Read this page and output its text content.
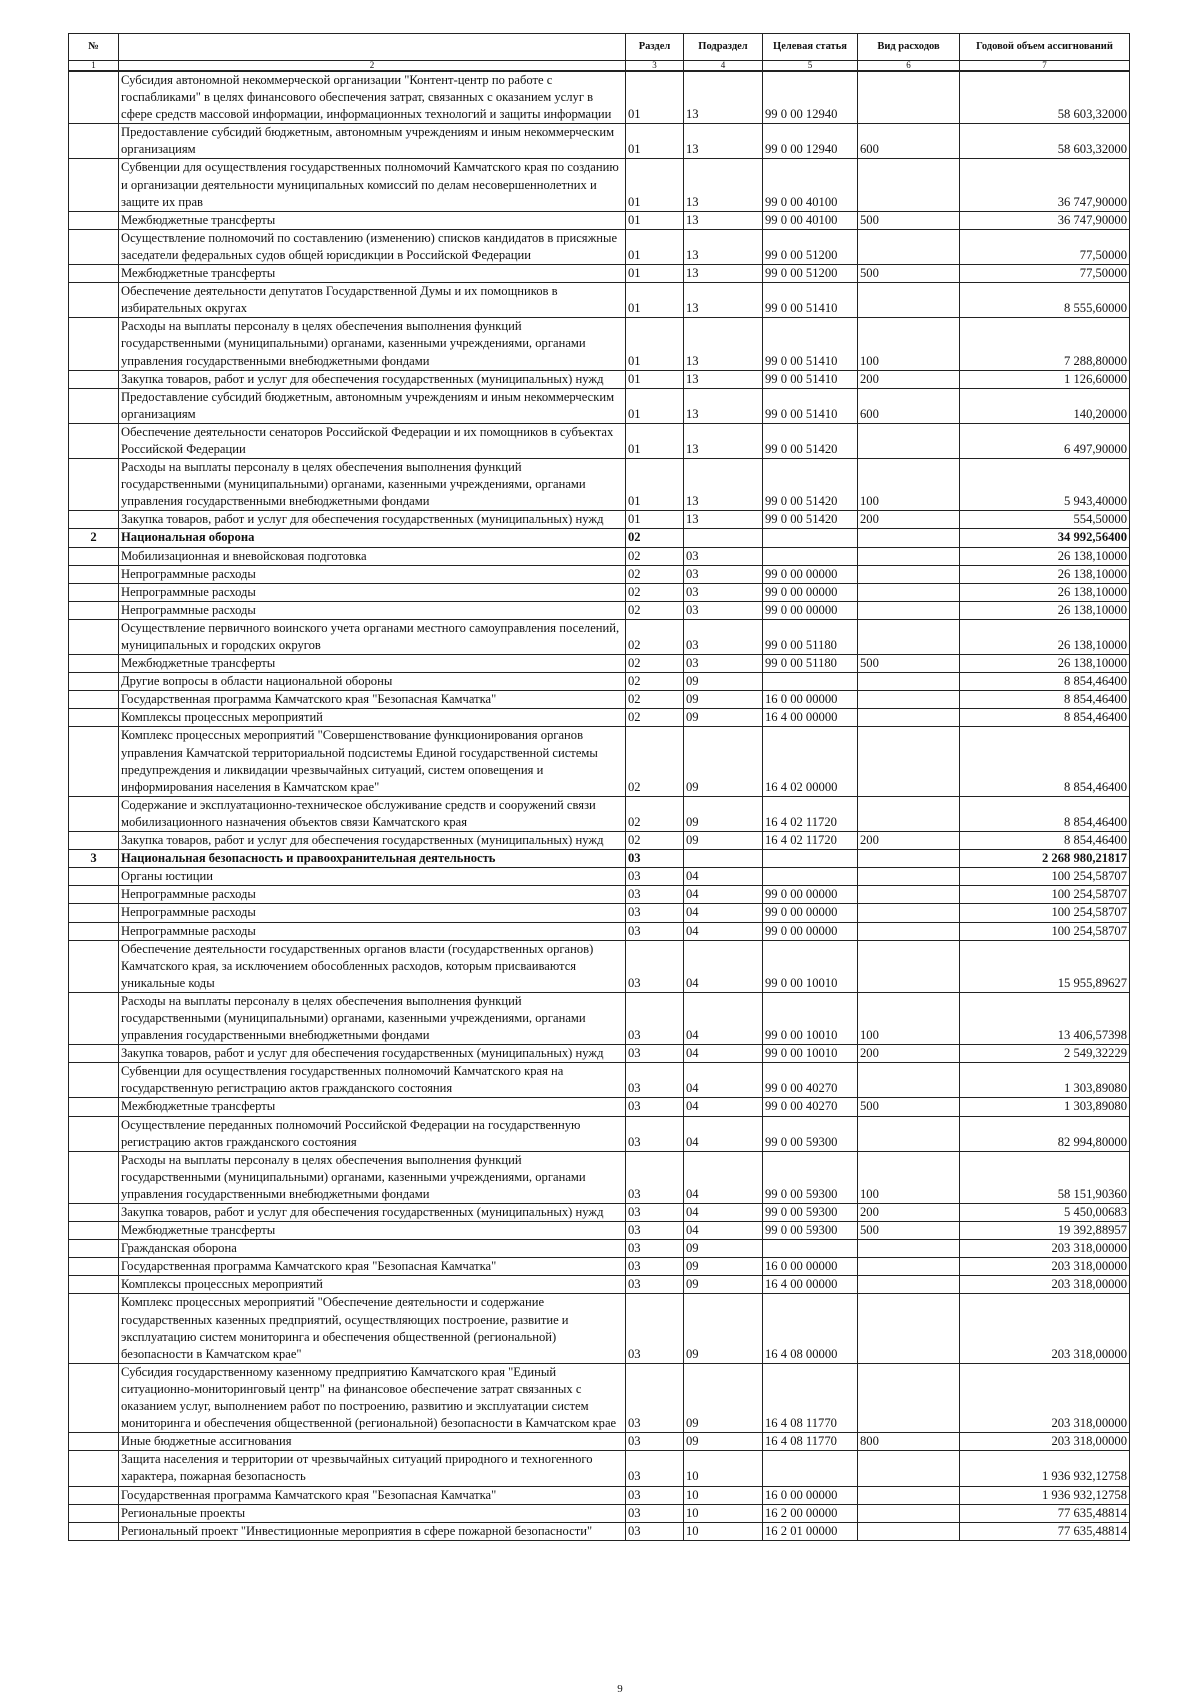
№		Раздел	Подраздел	Целевая статья	Вид расходов	Годовой объем ассигнований
1	2	3	4	5	6	7
	Субсидия автономной некоммерческой организации "Контент-центр по работе с госпабликами" в целях финансового обеспечения затрат, связанных с оказанием услуг в сфере средств массовой информации, информационных технологий и защиты информации	01	13	99 0 00 12940		58 603,32000
	Предоставление субсидий бюджетным, автономным учреждениям и иным некоммерческим организациям	01	13	99 0 00 12940	600	58 603,32000
	Субвенции для осуществления государственных полномочий Камчатского края по созданию и организации деятельности муниципальных комиссий по делам несовершеннолетних и защите их прав	01	13	99 0 00 40100		36 747,90000
	Межбюджетные трансферты	01	13	99 0 00 40100	500	36 747,90000
	Осуществление полномочий по составлению (изменению) списков кандидатов в присяжные заседатели федеральных судов общей юрисдикции в Российской Федерации	01	13	99 0 00 51200		77,50000
	Межбюджетные трансферты	01	13	99 0 00 51200	500	77,50000
	Обеспечение деятельности депутатов Государственной Думы и их помощников в избирательных округах	01	13	99 0 00 51410		8 555,60000
	Расходы на выплаты персоналу в целях обеспечения выполнения функций государственными (муниципальными) органами, казенными учреждениями, органами управления государственными внебюджетными фондами	01	13	99 0 00 51410	100	7 288,80000
	Закупка товаров, работ и услуг для обеспечения государственных (муниципальных) нужд	01	13	99 0 00 51410	200	1 126,60000
	Предоставление субсидий бюджетным, автономным учреждениям и иным некоммерческим организациям	01	13	99 0 00 51410	600	140,20000
	Обеспечение деятельности сенаторов Российской Федерации и их помощников в субъектах Российской Федерации	01	13	99 0 00 51420		6 497,90000
	Расходы на выплаты персоналу в целях обеспечения выполнения функций государственными (муниципальными) органами, казенными учреждениями, органами управления государственными внебюджетными фондами	01	13	99 0 00 51420	100	5 943,40000
	Закупка товаров, работ и услуг для обеспечения государственных (муниципальных) нужд	01	13	99 0 00 51420	200	554,50000
2	Национальная оборона	02				34 992,56400
	Мобилизационная и вневойсковая подготовка	02	03			26 138,10000
	Непрограммные расходы	02	03	99 0 00 00000		26 138,10000
	Непрограммные расходы	02	03	99 0 00 00000		26 138,10000
	Непрограммные расходы	02	03	99 0 00 00000		26 138,10000
	Осуществление первичного воинского учета органами местного самоуправления поселений, муниципальных и городских округов	02	03	99 0 00 51180		26 138,10000
	Межбюджетные трансферты	02	03	99 0 00 51180	500	26 138,10000
	Другие вопросы в области национальной обороны	02	09			8 854,46400
	Государственная программа Камчатского края "Безопасная Камчатка"	02	09	16 0 00 00000		8 854,46400
	Комплексы процессных мероприятий	02	09	16 4 00 00000		8 854,46400
	Комплекс процессных мероприятий "Совершенствование функционирования органов управления Камчатской территориальной подсистемы Единой государственной системы предупреждения и ликвидации чрезвычайных ситуаций, систем оповещения и информирования населения в Камчатском крае"	02	09	16 4 02 00000		8 854,46400
	Содержание и эксплуатационно-техническое обслуживание средств и сооружений связи мобилизационного назначения объектов связи Камчатского края	02	09	16 4 02 11720		8 854,46400
	Закупка товаров, работ и услуг для обеспечения государственных (муниципальных) нужд	02	09	16 4 02 11720	200	8 854,46400
3	Национальная безопасность и правоохранительная деятельность	03				2 268 980,21817
	Органы юстиции	03	04			100 254,58707
	Непрограммные расходы	03	04	99 0 00 00000		100 254,58707
	Непрограммные расходы	03	04	99 0 00 00000		100 254,58707
	Непрограммные расходы	03	04	99 0 00 00000		100 254,58707
	Обеспечение деятельности государственных органов власти (государственных органов) Камчатского края, за исключением обособленных расходов, которым присваиваются уникальные коды	03	04	99 0 00 10010		15 955,89627
	Расходы на выплаты персоналу в целях обеспечения выполнения функций государственными (муниципальными) органами, казенными учреждениями, органами управления государственными внебюджетными фондами	03	04	99 0 00 10010	100	13 406,57398
	Закупка товаров, работ и услуг для обеспечения государственных (муниципальных) нужд	03	04	99 0 00 10010	200	2 549,32229
	Субвенции для осуществления государственных полномочий Камчатского края на государственную регистрацию актов гражданского состояния	03	04	99 0 00 40270		1 303,89080
	Межбюджетные трансферты	03	04	99 0 00 40270	500	1 303,89080
	Осуществление переданных полномочий Российской Федерации на государственную регистрацию актов гражданского состояния	03	04	99 0 00 59300		82 994,80000
	Расходы на выплаты персоналу в целях обеспечения выполнения функций государственными (муниципальными) органами, казенными учреждениями, органами управления государственными внебюджетными фондами	03	04	99 0 00 59300	100	58 151,90360
	Закупка товаров, работ и услуг для обеспечения государственных (муниципальных) нужд	03	04	99 0 00 59300	200	5 450,00683
	Межбюджетные трансферты	03	04	99 0 00 59300	500	19 392,88957
	Гражданская оборона	03	09			203 318,00000
	Государственная программа Камчатского края "Безопасная Камчатка"	03	09	16 0 00 00000		203 318,00000
	Комплексы процессных мероприятий	03	09	16 4 00 00000		203 318,00000
	Комплекс процессных мероприятий "Обеспечение деятельности и содержание государственных казенных предприятий, осуществляющих построение, развитие и эксплуатацию систем мониторинга и обеспечения общественной (региональной) безопасности в Камчатском крае"	03	09	16 4 08 00000		203 318,00000
	Субсидия государственному казенному предприятию Камчатского края "Единый ситуационно-мониторинговый центр" на финансовое обеспечение затрат связанных с оказанием услуг, выполнением работ по построению, развитию и эксплуатации систем мониторинга и обеспечения общественной (региональной) безопасности в Камчатском крае	03	09	16 4 08 11770		203 318,00000
	Иные бюджетные ассигнования	03	09	16 4 08 11770	800	203 318,00000
	Защита населения и территории от чрезвычайных ситуаций природного и техногенного характера, пожарная безопасность	03	10			1 936 932,12758
	Государственная программа Камчатского края "Безопасная Камчатка"	03	10	16 0 00 00000		1 936 932,12758
	Региональные проекты	03	10	16 2 00 00000		77 635,48814
	Региональный проект "Инвестиционные мероприятия в сфере пожарной безопасности"	03	10	16 2 01 00000		77 635,48814
9
